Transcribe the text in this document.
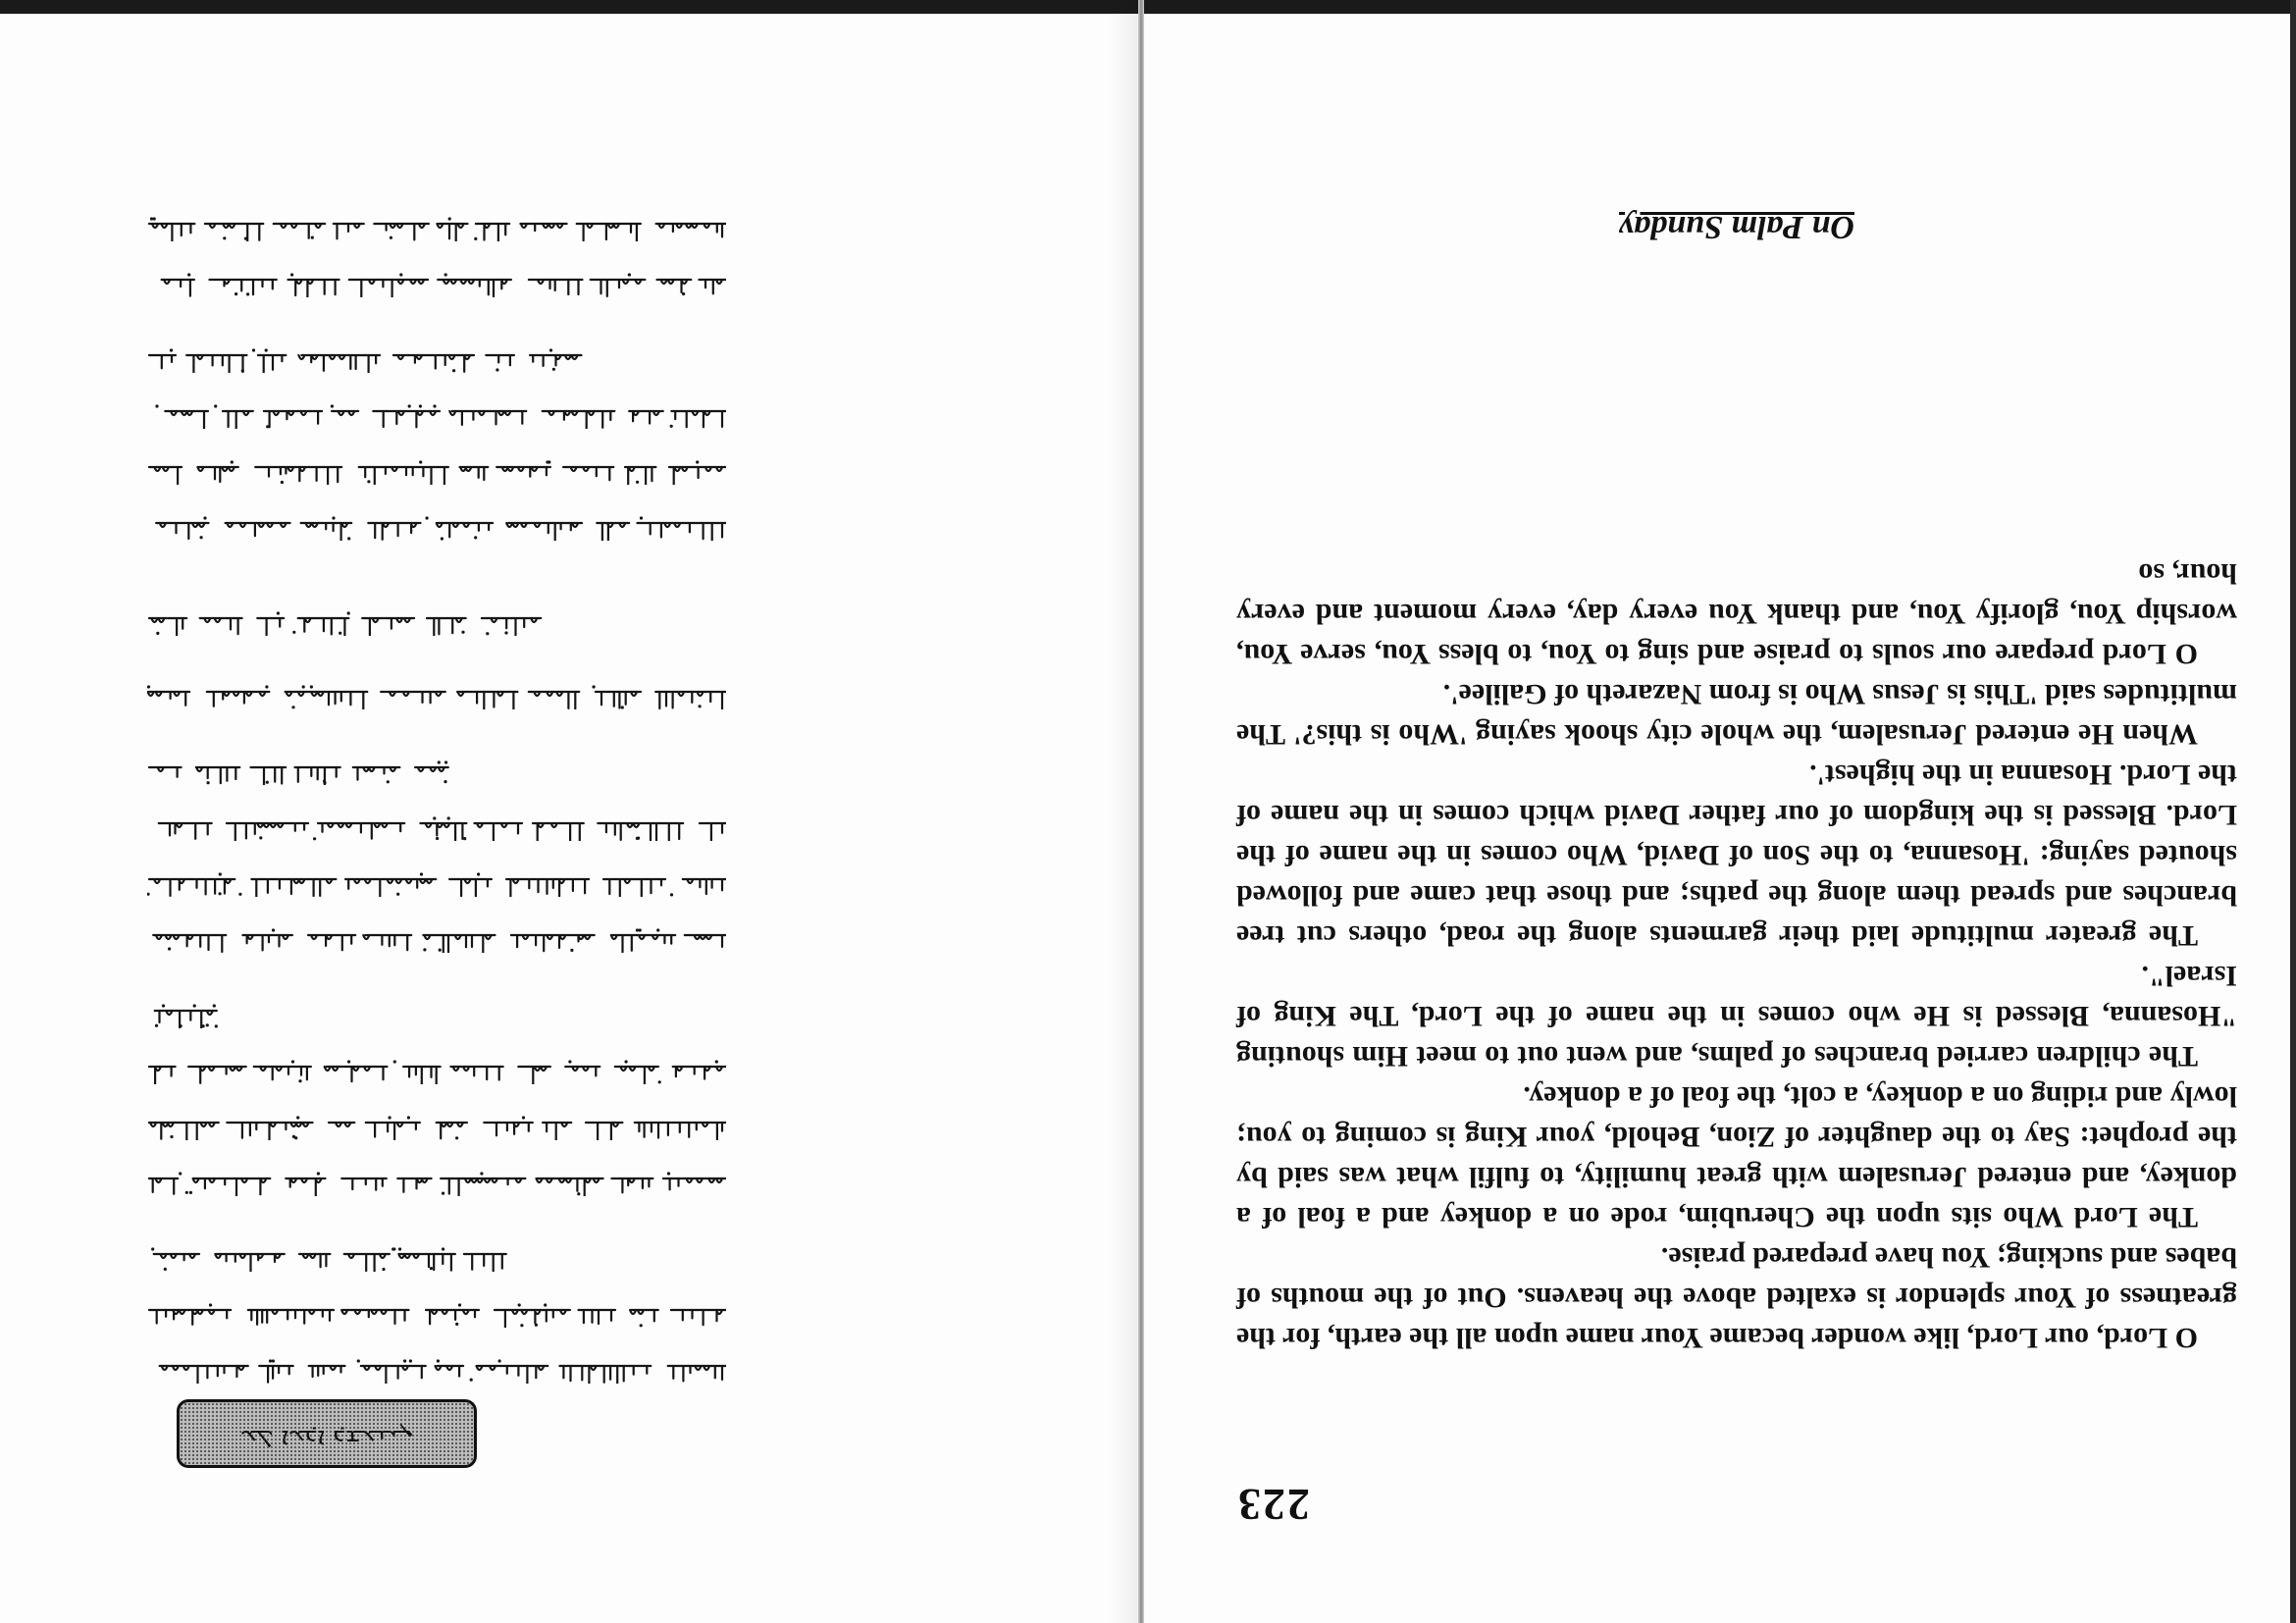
ܥܠ ܐܥܕܐ ܕܫܥܢܝܢ
223

O Lord, our Lord, like wonder became Your name upon all the earth, for the greatness of Your splendor is exalted above the heavens. Out of the mouths of babes and sucking; You have prepared praise.

The Lord Who sits upon the Cherubim, rode on a donkey and a foal of a donkey, and entered Jerusalem with great humility, to fulfil what was said by the prophet: Say to the daughter of Zion, Behold, your King is coming to you; lowly and riding on a donkey, a colt, the foal of a donkey.

The children carried branches of palms, and went out to meet Him shouting "Hosanna, Blessed is He who comes in the name of the Lord, The King of Israel".

The greater multitude laid their garments along the road, others cut tree branches and spread them along the paths; and those that came and followed shouted saying: 'Hosanna, to the Son of David, Who comes in the name of the Lord. Blessed is the kingdom of our father David which comes in the name of the Lord. Hosanna in the highest'.

When He entered Jerusalem, the whole city shook saying 'Who is this?' The multitudes said 'This is Jesus Who is from Nazareth of Galilee'.

O Lord prepare our souls to praise and sing to You, to bless You, serve You, worship You, glorify You, and thank You every day, every moment and every hour, so

On Palm Sunday
